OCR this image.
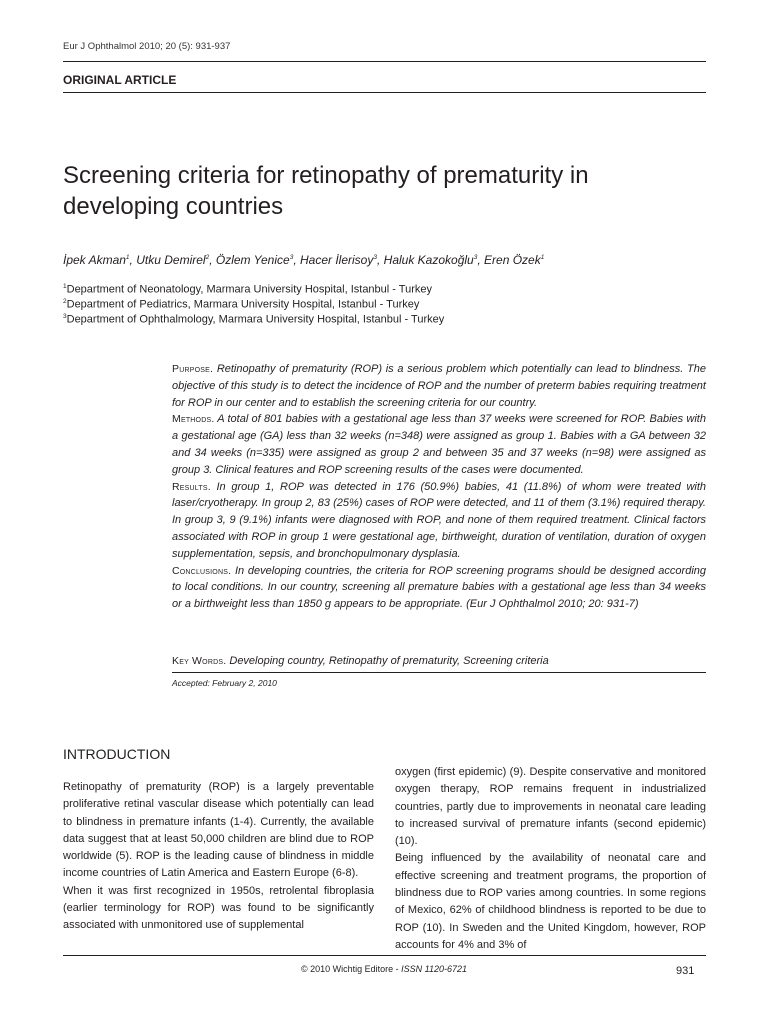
Eur J Ophthalmol 2010; 20 (5): 931-937
ORIGINAL ARTICLE
Screening criteria for retinopathy of prematurity in developing countries
İpek Akman$^1$, Utku Demirel$^2$, Özlem Yenice$^3$, Hacer İlerisoy$^3$, Haluk Kazokoğlu$^3$, Eren Özek$^1$
$^1$Department of Neonatology, Marmara University Hospital, Istanbul - Turkey
$^2$Department of Pediatrics, Marmara University Hospital, Istanbul - Turkey
$^3$Department of Ophthalmology, Marmara University Hospital, Istanbul - Turkey

Purpose. Retinopathy of prematurity (ROP) is a serious problem which potentially can lead to blindness. The objective of this study is to detect the incidence of ROP and the number of preterm babies requiring treatment for ROP in our center and to establish the screening criteria for our country.

Methods. A total of 801 babies with a gestational age less than 37 weeks were screened for ROP. Babies with a gestational age (GA) less than 32 weeks (n=348) were assigned as group 1. Babies with a GA between 32 and 34 weeks (n=335) were assigned as group 2 and between 35 and 37 weeks (n=98) were assigned as group 3. Clinical features and ROP screening results of the cases were documented.

Results. In group 1, ROP was detected in 176 (50.9%) babies, 41 (11.8%) of whom were treated with laser/cryotherapy. In group 2, 83 (25%) cases of ROP were detected, and 11 of them (3.1%) required therapy. In group 3, 9 (9.1%) infants were diagnosed with ROP, and none of them required treatment. Clinical factors associated with ROP in group 1 were gestational age, birthweight, duration of ventilation, duration of oxygen supplementation, sepsis, and bronchopulmonary dysplasia.

Conclusions. In developing countries, the criteria for ROP screening programs should be designed according to local conditions. In our country, screening all premature babies with a gestational age less than 34 weeks or a birthweight less than 1850 g appears to be appropriate. (Eur J Ophthalmol 2010; 20: 931-7)

Key Words. Developing country, Retinopathy of prematurity, Screening criteria

Accepted: February 2, 2010
INTRODUCTION

Retinopathy of prematurity (ROP) is a largely preventable proliferative retinal vascular disease which potentially can lead to blindness in premature infants (1-4). Currently, the available data suggest that at least 50,000 children are blind due to ROP worldwide (5). ROP is the leading cause of blindness in middle income countries of Latin America and Eastern Europe (6-8).

When it was first recognized in 1950s, retrolental fibroplasia (earlier terminology for ROP) was found to be significantly associated with unmonitored use of supplemental

oxygen (first epidemic) (9). Despite conservative and monitored oxygen therapy, ROP remains frequent in industrialized countries, partly due to improvements in neonatal care leading to increased survival of premature infants (second epidemic) (10).

Being influenced by the availability of neonatal care and effective screening and treatment programs, the proportion of blindness due to ROP varies among countries. In some regions of Mexico, 62% of childhood blindness is reported to be due to ROP (10). In Sweden and the United Kingdom, however, ROP accounts for 4% and 3% of

© 2010 Wichtig Editore - ISSN 1120-6721	931
